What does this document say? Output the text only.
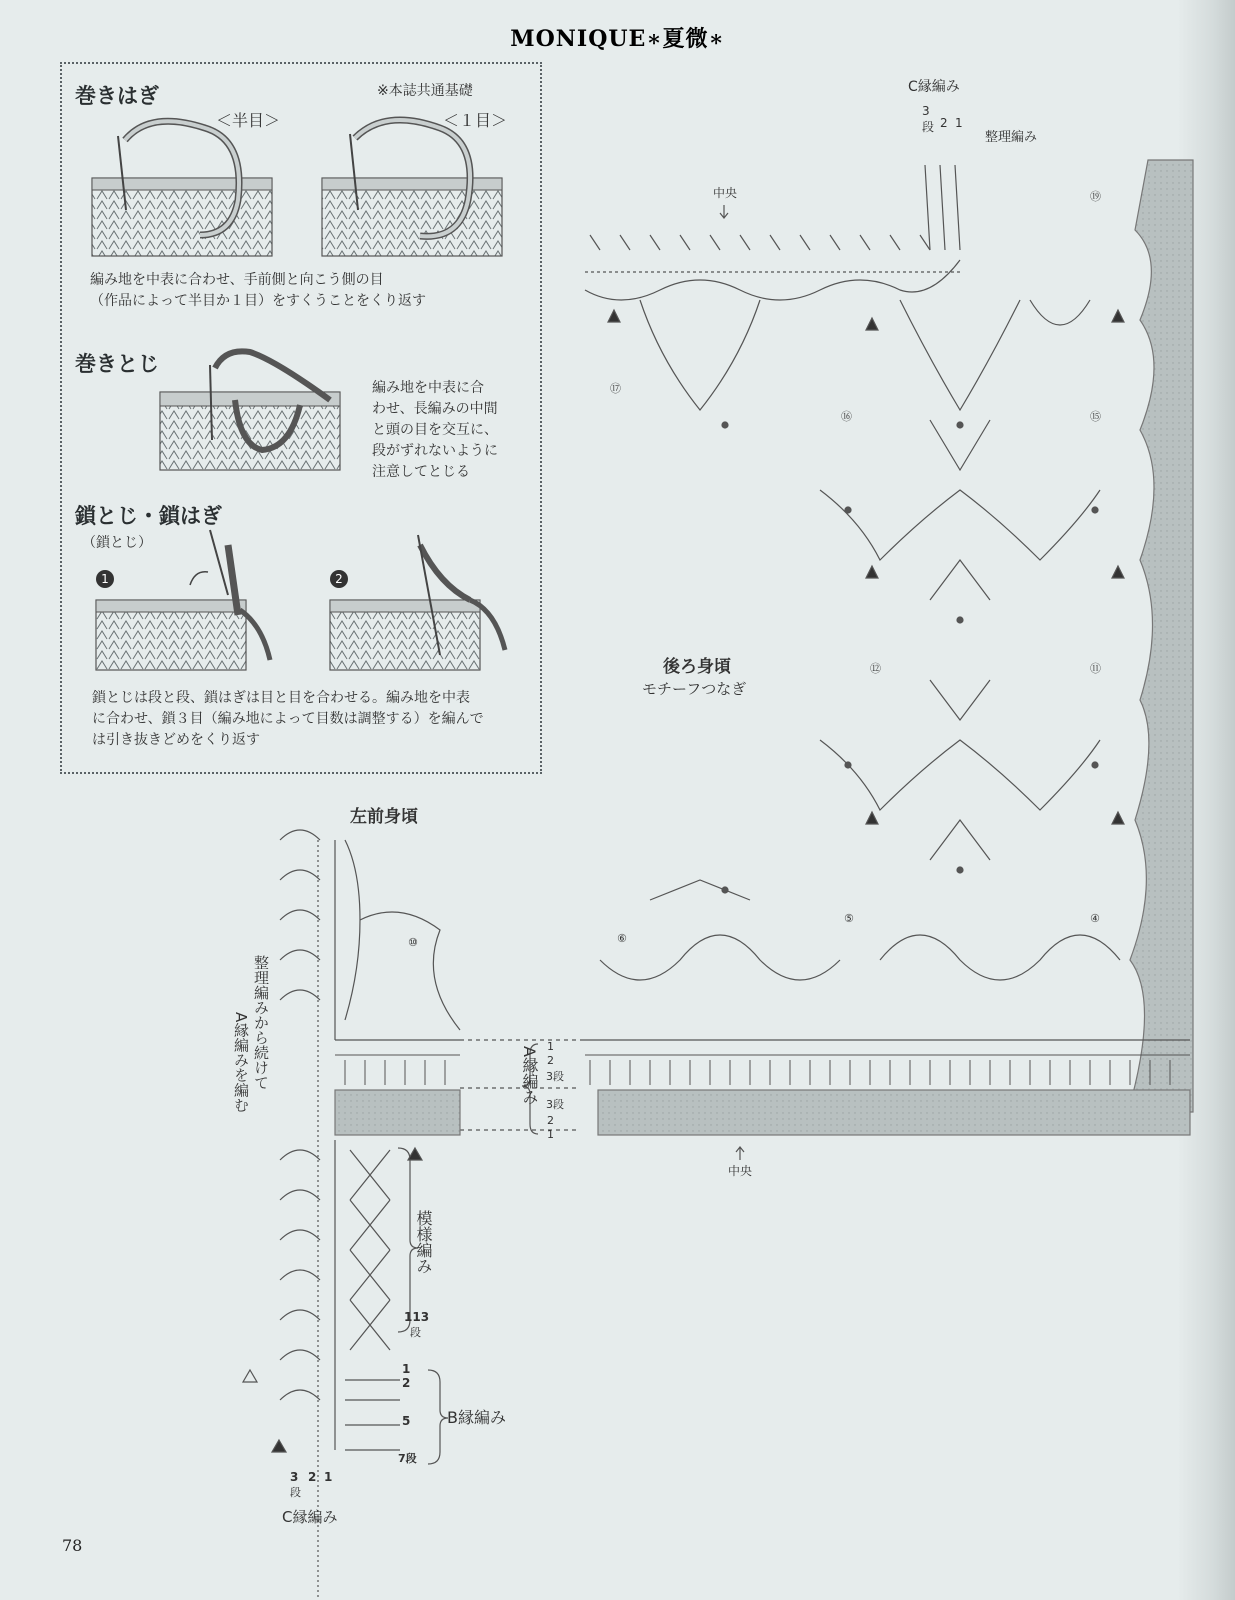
MONIQUE∗夏微∗
78
巻きはぎ	※本誌共通基礎
＜半目＞	＜１目＞
編み地を中表に合わせ、手前側と向こう側の目
（作品によって半目か１目）をすくうことをくり返す
巻きとじ
編み地を中表に合
わせ、長編みの中間
と頭の目を交互に、
段がずれないように
注意してとじる
鎖とじ・鎖はぎ
（鎖とじ）
1	2
鎖とじは段と段、鎖はぎは目と目を合わせる。編み地を中表
に合わせ、鎖３目（編み地によって目数は調整する）を編んで
は引き抜きどめをくり返す
C縁編み
3
段 2 1
整理編み
中央	⑲
⑰
⑯	⑮
⑫	⑪
⑥
⑤	④
⑩
後ろ身頃
モチーフつなぎ
左前身頃
整理編みから続けて
A縁編みを編む	A縁編み 1
2
3段
3段
2
1
中央
模様編み
113
段
1
2
5
7段
B縁編み
3
段
2 1
C縁編み
